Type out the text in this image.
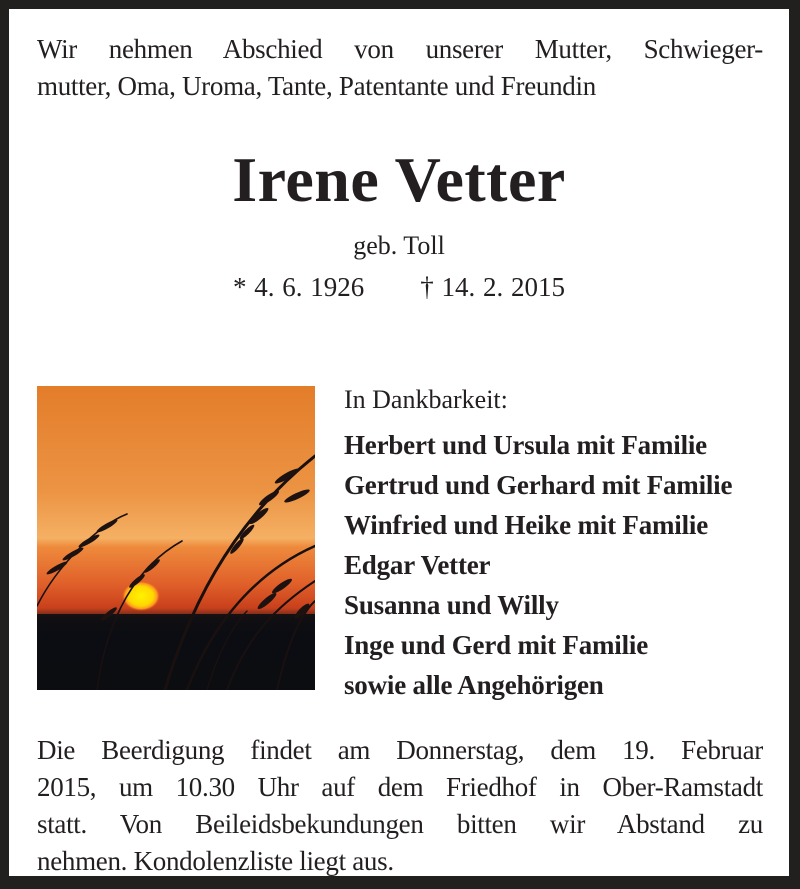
Wir nehmen Abschied von unserer Mutter, Schwieger-
mutter, Oma, Uroma, Tante, Patentante und Freundin
Irene Vetter
geb. Toll
* 4. 6. 1926 † 14. 2. 2015
In Dankbarkeit:
Herbert und Ursula mit Familie
Gertrud und Gerhard mit Familie
Winfried und Heike mit Familie
Edgar Vetter
Susanna und Willy
Inge und Gerd mit Familie
sowie alle Angehörigen
Die Beerdigung findet am Donnerstag, dem 19. Februar
2015, um 10.30 Uhr auf dem Friedhof in Ober-Ramstadt
statt. Von Beileidsbekundungen bitten wir Abstand zu
nehmen. Kondolenzliste liegt aus.
